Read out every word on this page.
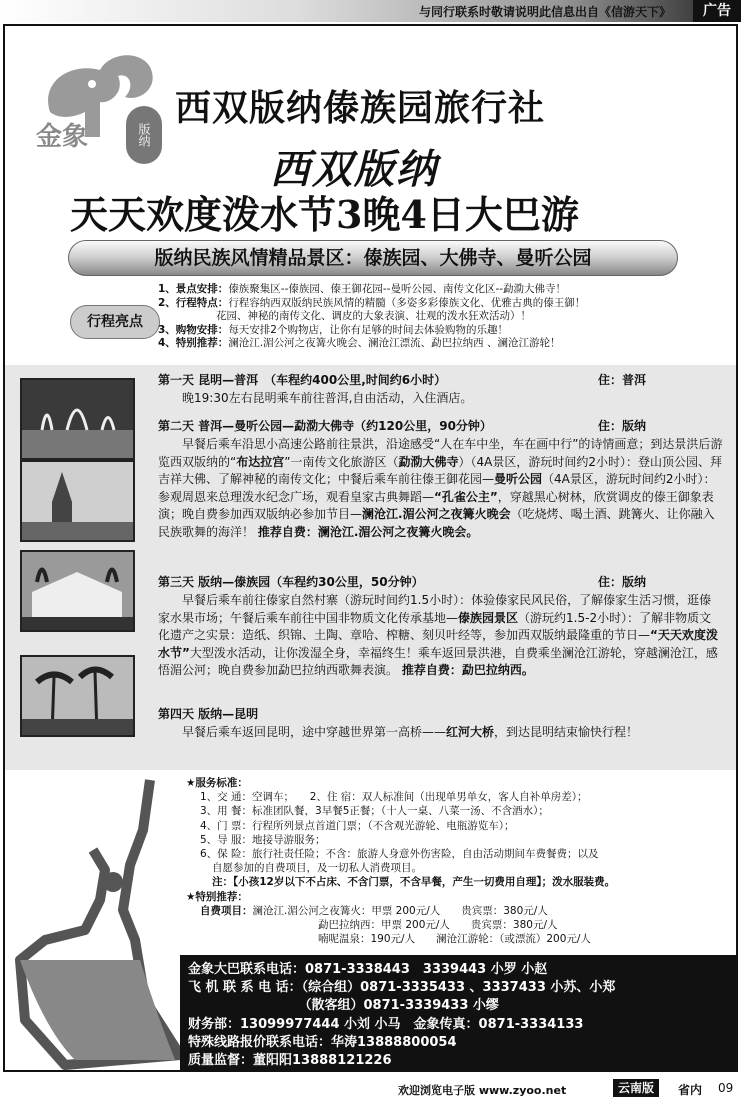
与同行联系时敬请说明此信息出自《信游天下》	广告
金象	版纳
西双版纳傣族园旅行社
西双版纳
天天欢度泼水节3晚4日大巴游
版纳民族风情精品景区：傣族园、大佛寺、曼听公园
行程亮点
1、景点安排：傣族聚集区--傣族园、傣王御花园--曼听公园、南传文化区--勐泐大佛寺！
2、行程特点：行程容纳西双版纳民族风情的精髓（多姿多彩傣族文化、优雅古典的傣王御！
花园、神秘的南传文化、调皮的大象表演、壮观的泼水狂欢活动）！
3、购物安排：每天安排2个购物店，让你有足够的时间去体验购物的乐趣！
4、特别推荐：澜沧江.湄公河之夜篝火晚会、澜沧江漂流、勐巴拉纳西 、澜沧江游轮！
第一天 昆明—普洱　（车程约400公里,时间约6小时）	住：普洱

晚19:30左右昆明乘车前往普洱,自由活动，入住酒店。

第二天 普洱—曼听公园—勐泐大佛寺（约120公里，90分钟）	住：版纳

早餐后乘车沿思小高速公路前往景洪，沿途感受“人在车中坐，车在画中行”的诗情画意；到达景洪后游览西双版纳的“布达拉宫”一南传文化旅游区（勐泐大佛寺）（4A景区，游玩时间约2小时）：登山顶公园、拜吉祥大佛、了解神秘的南传文化；中餐后乘车前往傣王御花园—曼听公园（4A景区，游玩时间约2小时）：参观周恩来总理泼水纪念广场，观看皇家古典舞蹈—“孔雀公主”，穿越黑心树林，欣赏调皮的傣王御象表演；晚自费参加西双版纳必参加节目—澜沧江.湄公河之夜篝火晚会（吃烧烤、喝土酒、跳篝火、让你融入民族歌舞的海洋！ 推荐自费：澜沧江.湄公河之夜篝火晚会。

第三天 版纳—傣族园（车程约30公里，50分钟）	住：版纳

早餐后乘车前往傣家自然村寨（游玩时间约1.5小时）：体验傣家民风民俗，了解傣家生活习惯，逛傣家水果市场；午餐后乘车前往中国非物质文化传承基地—傣族园景区（游玩约1.5-2小时）：了解非物质文化遗产之实景：造纸、织锦、土陶、章哈、榨糖、刻贝叶经等，参加西双版纳最隆重的节日—“天天欢度泼水节”大型泼水活动，让你泼湿全身，幸福终生！乘车返回景洪港，自费乘坐澜沧江游轮，穿越澜沧江，感悟湄公河；晚自费参加勐巴拉纳西歌舞表演。 推荐自费：勐巴拉纳西。

第四天 版纳—昆明

早餐后乘车返回昆明，途中穿越世界第一高桥——红河大桥，到达昆明结束愉快行程！

★服务标准：
1、交 通：空调车；　　2、住 宿：双人标准间（出现单男单女，客人自补单房差）；
3、用 餐：标准团队餐，3早餐5正餐；（十人一桌、八菜一汤、不含酒水）；
4、门 票：行程所列景点首道门票；（不含观光游轮、电瓶游览车）；
5、导 服：地接导游服务；
6、保 险：旅行社责任险；不含：旅游人身意外伤害险，自由活动期间车费餐费；以及
自愿参加的自费项目，及一切私人消费项目。
注：【小孩12岁以下不占床、不含门票，不含早餐，产生一切费用自理】；泼水服装费。
★特别推荐：
自费项目：澜沧江.湄公河之夜篝火：甲票 200元/人　　贵宾票：380元/人
勐巴拉纳西：甲票 200元/人　　贵宾票：380元/人
喃呢温泉：190元/人　　澜沧江游轮：（或漂流）200元/人
金象大巴联系电话：0871-3338443　3339443 小罗 小赵
飞 机 联 系 电 话：（综合组）0871-3335433 、3337433 小苏、小郑
　　　　　　　　　（散客组）0871-3339433 小缪
财务部：13099977444 小刘 小马　金象传真：0871-3334133
特殊线路报价联系电话：华涛13888800054
质量监督：董阳阳13888121226
欢迎浏览电子版 www.zyoo.net	云南版	省内 09
